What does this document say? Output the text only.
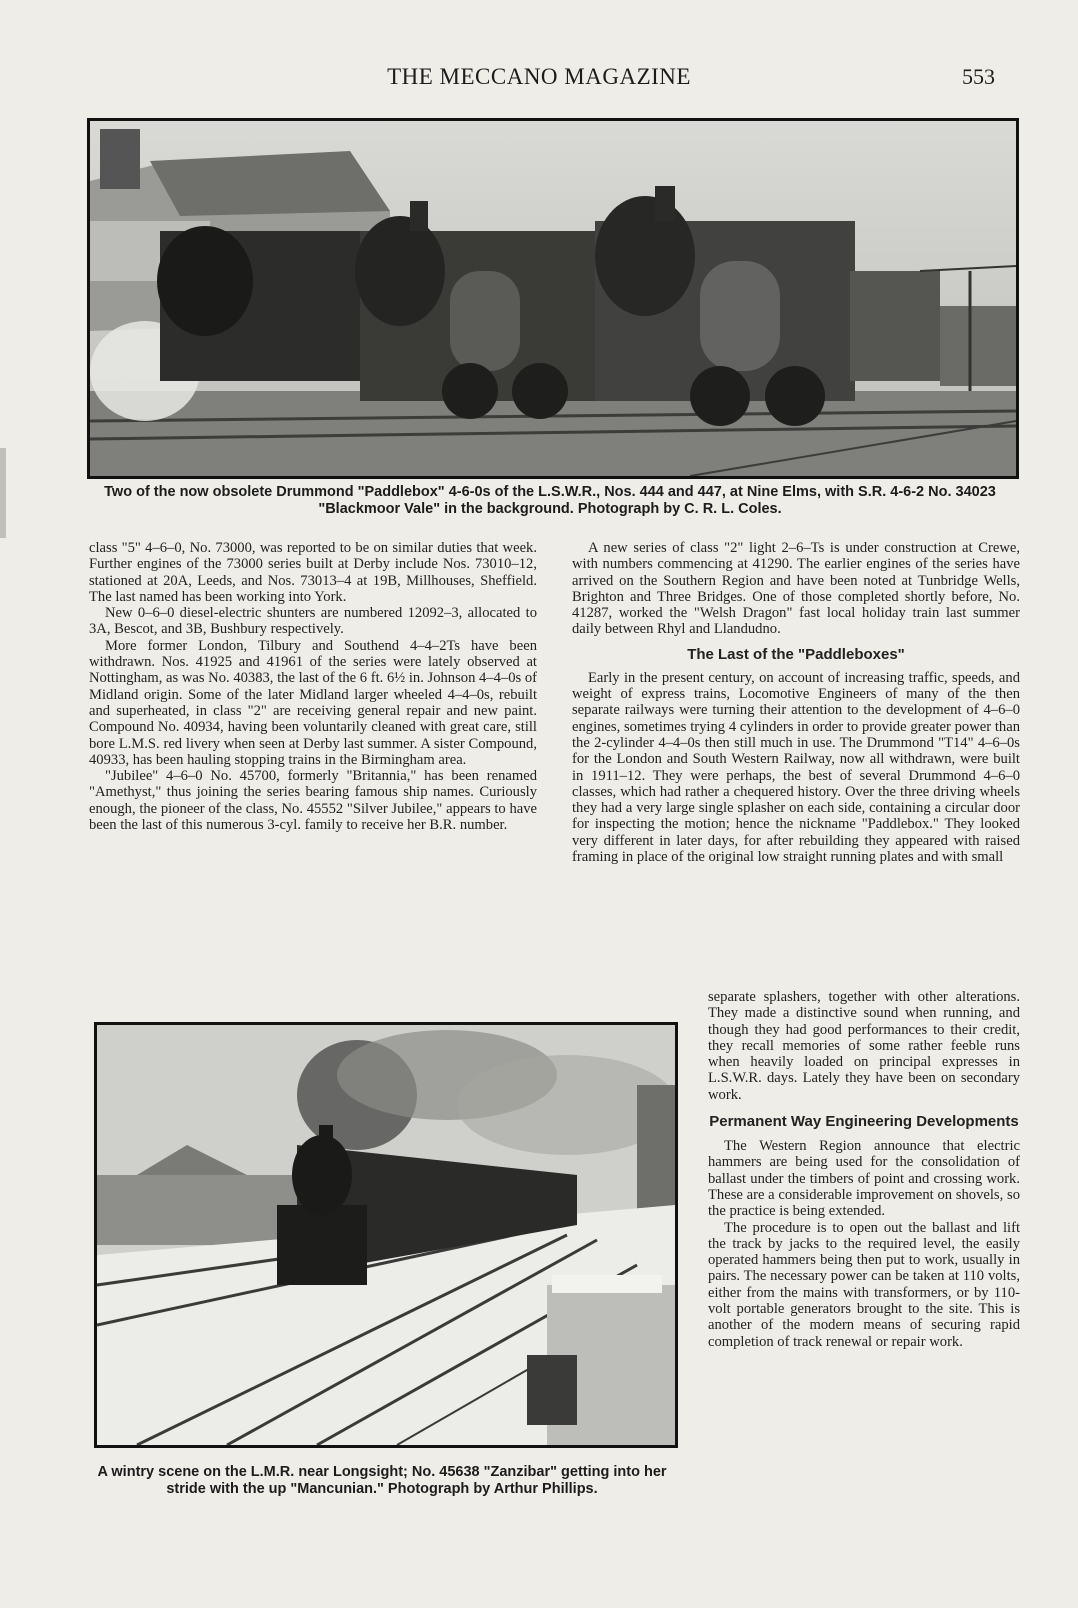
THE MECCANO MAGAZINE	553
Two of the now obsolete Drummond "Paddlebox" 4-6-0s of the L.S.W.R., Nos. 444 and 447, at Nine Elms, with S.R. 4-6-2 No. 34023 "Blackmoor Vale" in the background. Photograph by C. R. L. Coles.

class "5" 4–6–0, No. 73000, was reported to be on similar duties that week. Further engines of the 73000 series built at Derby include Nos. 73010–12, stationed at 20A, Leeds, and Nos. 73013–4 at 19B, Millhouses, Sheffield. The last named has been working into York.

New 0–6–0 diesel-electric shunters are numbered 12092–3, allocated to 3A, Bescot, and 3B, Bushbury respectively.

More former London, Tilbury and Southend 4–4–2Ts have been withdrawn. Nos. 41925 and 41961 of the series were lately observed at Nottingham, as was No. 40383, the last of the 6 ft. 6½ in. Johnson 4–4–0s of Midland origin. Some of the later Midland larger wheeled 4–4–0s, rebuilt and superheated, in class "2" are receiving general repair and new paint. Compound No. 40934, having been voluntarily cleaned with great care, still bore L.M.S. red livery when seen at Derby last summer. A sister Compound, 40933, has been hauling stopping trains in the Birmingham area.

"Jubilee" 4–6–0 No. 45700, formerly "Britannia," has been renamed "Amethyst," thus joining the series bearing famous ship names. Curiously enough, the pioneer of the class, No. 45552 "Silver Jubilee," appears to have been the last of this numerous 3-cyl. family to receive her B.R. number.

A new series of class "2" light 2–6–Ts is under construction at Crewe, with numbers commencing at 41290. The earlier engines of the series have arrived on the Southern Region and have been noted at Tunbridge Wells, Brighton and Three Bridges. One of those completed shortly before, No. 41287, worked the "Welsh Dragon" fast local holiday train last summer daily between Rhyl and Llandudno.

The Last of the "Paddleboxes"

Early in the present century, on account of increasing traffic, speeds, and weight of express trains, Locomotive Engineers of many of the then separate railways were turning their attention to the development of 4–6–0 engines, sometimes trying 4 cylinders in order to provide greater power than the 2-cylinder 4–4–0s then still much in use. The Drummond "T14" 4–6–0s for the London and South Western Railway, now all withdrawn, were built in 1911–12. They were perhaps, the best of several Drummond 4–6–0 classes, which had rather a chequered history. Over the three driving wheels they had a very large single splasher on each side, containing a circular door for inspecting the motion; hence the nickname "Paddlebox." They looked very different in later days, for after rebuilding they appeared with raised framing in place of the original low straight running plates and with small

separate splashers, together with other alterations. They made a distinctive sound when running, and though they had good performances to their credit, they recall memories of some rather feeble runs when heavily loaded on principal expresses in L.S.W.R. days. Lately they have been on secondary work.

Permanent Way Engineering Developments

The Western Region announce that electric hammers are being used for the consolidation of ballast under the timbers of point and crossing work. These are a considerable improvement on shovels, so the practice is being extended.

The procedure is to open out the ballast and lift the track by jacks to the required level, the easily operated hammers being then put to work, usually in pairs. The necessary power can be taken at 110 volts, either from the mains with transformers, or by 110-volt portable generators brought to the site. This is another of the modern means of securing rapid completion of track renewal or repair work.

A wintry scene on the L.M.R. near Longsight; No. 45638 "Zanzibar" getting into her stride with the up "Mancunian." Photograph by Arthur Phillips.
